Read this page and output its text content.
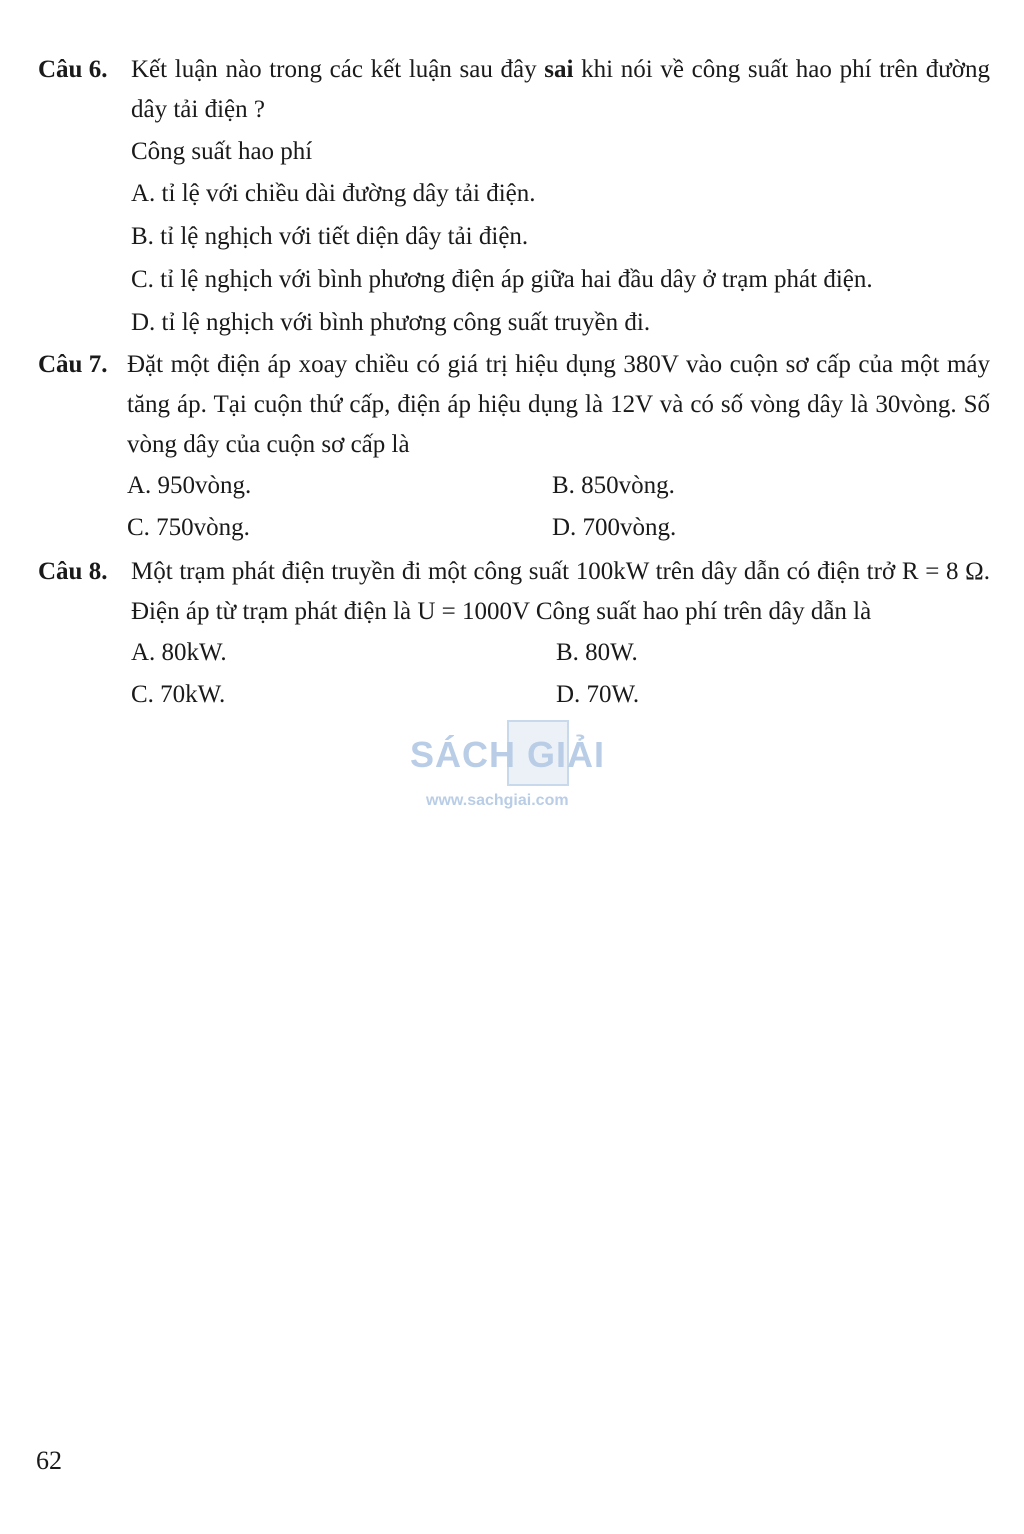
Câu 6. Kết luận nào trong các kết luận sau đây sai khi nói về công suất hao phí trên đường dây tải điện ?
Công suất hao phí
A. tỉ lệ với chiều dài đường dây tải điện.
B. tỉ lệ nghịch với tiết diện dây tải điện.
C. tỉ lệ nghịch với bình phương điện áp giữa hai đầu dây ở trạm phát điện.
D. tỉ lệ nghịch với bình phương công suất truyền đi.
Câu 7. Đặt một điện áp xoay chiều có giá trị hiệu dụng 380V vào cuộn sơ cấp của một máy tăng áp. Tại cuộn thứ cấp, điện áp hiệu dụng là 12V và có số vòng dây là 30vòng. Số vòng dây của cuộn sơ cấp là
A. 950vòng.	B. 850vòng.
C. 750vòng.	D. 700vòng.
Câu 8. Một trạm phát điện truyền đi một công suất 100kW trên dây dẫn có điện trở R = 8 Ω. Điện áp từ trạm phát điện là U = 1000V Công suất hao phí trên dây dẫn là
A. 80kW.	B. 80W.
C. 70kW.	D. 70W.
SÁCH GIẢI
www.sachgiai.com
62
